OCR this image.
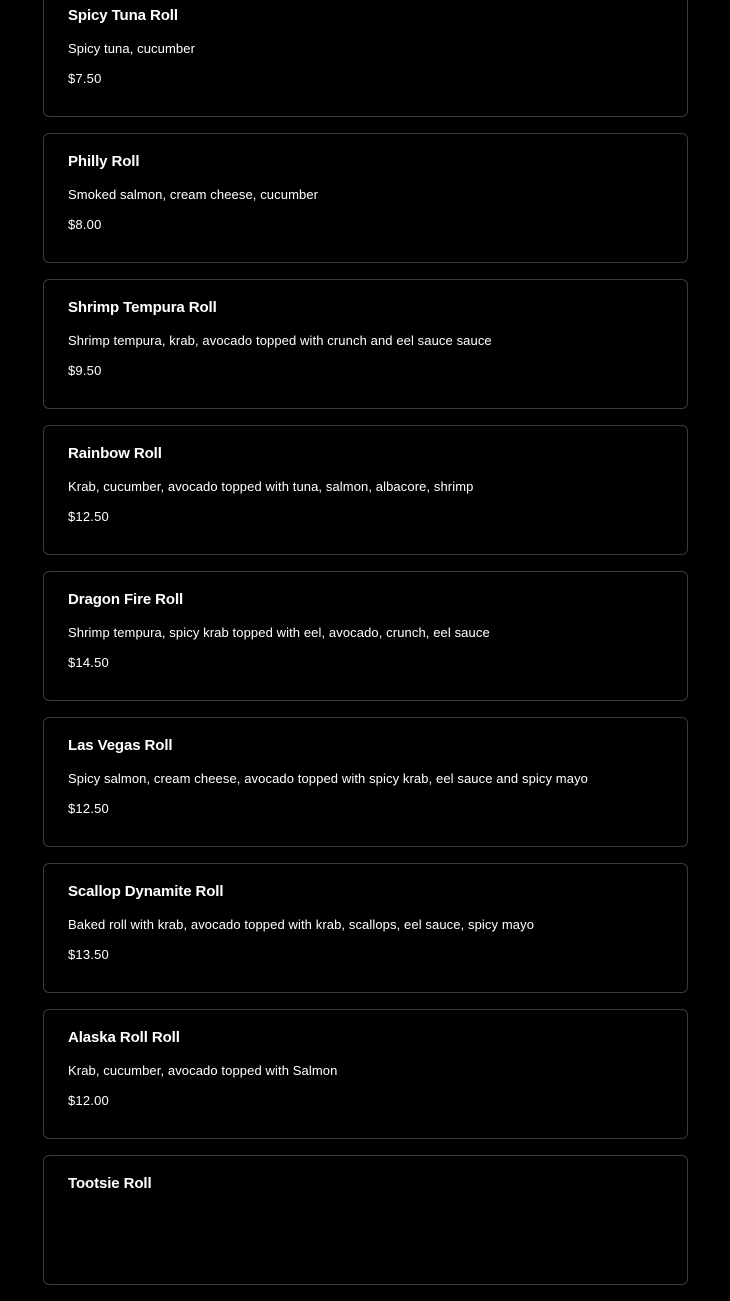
Spicy Tuna Roll
Spicy tuna, cucumber
$7.50
Philly Roll
Smoked salmon, cream cheese, cucumber
$8.00
Shrimp Tempura Roll
Shrimp tempura, krab, avocado topped with crunch and eel sauce sauce
$9.50
Rainbow Roll
Krab, cucumber, avocado topped with tuna, salmon, albacore, shrimp
$12.50
Dragon Fire Roll
Shrimp tempura, spicy krab topped with eel, avocado, crunch, eel sauce
$14.50
Las Vegas Roll
Spicy salmon, cream cheese, avocado topped with spicy krab, eel sauce and spicy mayo
$12.50
Scallop Dynamite Roll
Baked roll with krab, avocado topped with krab, scallops, eel sauce, spicy mayo
$13.50
Alaska Roll Roll
Krab, cucumber, avocado topped with Salmon
$12.00
Tootsie Roll
